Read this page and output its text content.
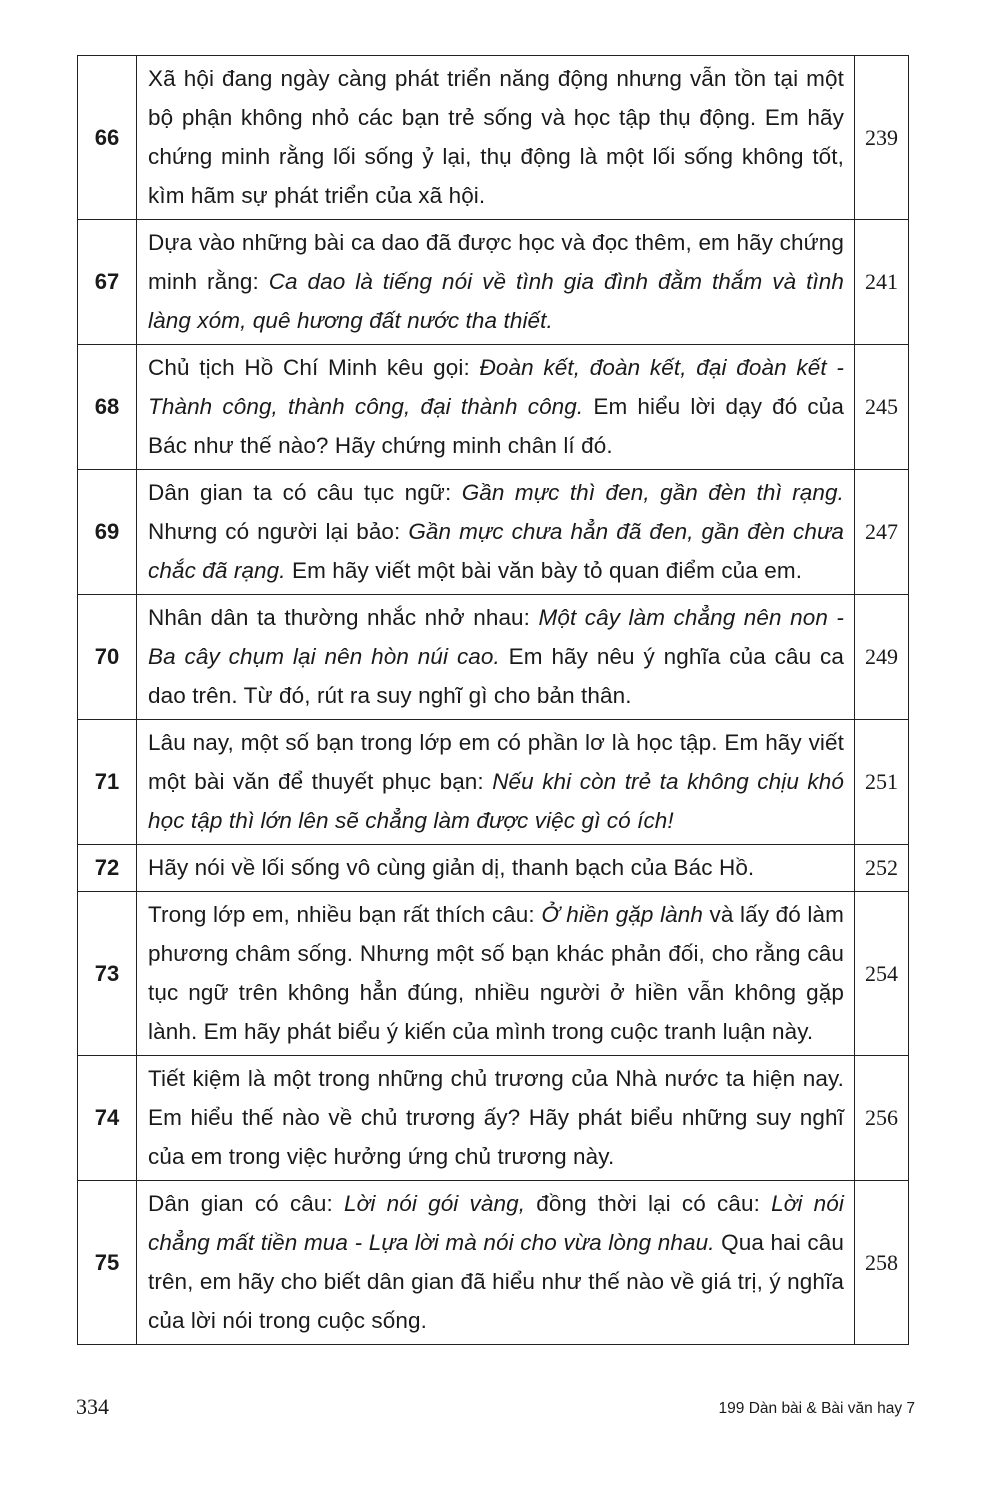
66	Xã hội đang ngày càng phát triển năng động nhưng vẫn tồn tại một bộ phận không nhỏ các bạn trẻ sống và học tập thụ động. Em hãy chứng minh rằng lối sống ỷ lại, thụ động là một lối sống không tốt, kìm hãm sự phát triển của xã hội.	239
67	Dựa vào những bài ca dao đã được học và đọc thêm, em hãy chứng minh rằng: Ca dao là tiếng nói về tình gia đình đằm thắm và tình làng xóm, quê hương đất nước tha thiết.	241
68	Chủ tịch Hồ Chí Minh kêu gọi: Đoàn kết, đoàn kết, đại đoàn kết - Thành công, thành công, đại thành công. Em hiểu lời dạy đó của Bác như thế nào? Hãy chứng minh chân lí đó.	245
69	Dân gian ta có câu tục ngữ: Gần mực thì đen, gần đèn thì rạng. Nhưng có người lại bảo: Gần mực chưa hẳn đã đen, gần đèn chưa chắc đã rạng. Em hãy viết một bài văn bày tỏ quan điểm của em.	247
70	Nhân dân ta thường nhắc nhở nhau: Một cây làm chẳng nên non - Ba cây chụm lại nên hòn núi cao. Em hãy nêu ý nghĩa của câu ca dao trên. Từ đó, rút ra suy nghĩ gì cho bản thân.	249
71	Lâu nay, một số bạn trong lớp em có phần lơ là học tập. Em hãy viết một bài văn để thuyết phục bạn: Nếu khi còn trẻ ta không chịu khó học tập thì lớn lên sẽ chẳng làm được việc gì có ích!	251
72	Hãy nói về lối sống vô cùng giản dị, thanh bạch của Bác Hồ.	252
73	Trong lớp em, nhiều bạn rất thích câu: Ở hiền gặp lành và lấy đó làm phương châm sống. Nhưng một số bạn khác phản đối, cho rằng câu tục ngữ trên không hẳn đúng, nhiều người ở hiền vẫn không gặp lành. Em hãy phát biểu ý kiến của mình trong cuộc tranh luận này.	254
74	Tiết kiệm là một trong những chủ trương của Nhà nước ta hiện nay. Em hiểu thế nào về chủ trương ấy? Hãy phát biểu những suy nghĩ của em trong việc hưởng ứng chủ trương này.	256
75	Dân gian có câu: Lời nói gói vàng, đồng thời lại có câu: Lời nói chẳng mất tiền mua - Lựa lời mà nói cho vừa lòng nhau. Qua hai câu trên, em hãy cho biết dân gian đã hiểu như thế nào về giá trị, ý nghĩa của lời nói trong cuộc sống.	258
334	199 Dàn bài & Bài văn hay 7
